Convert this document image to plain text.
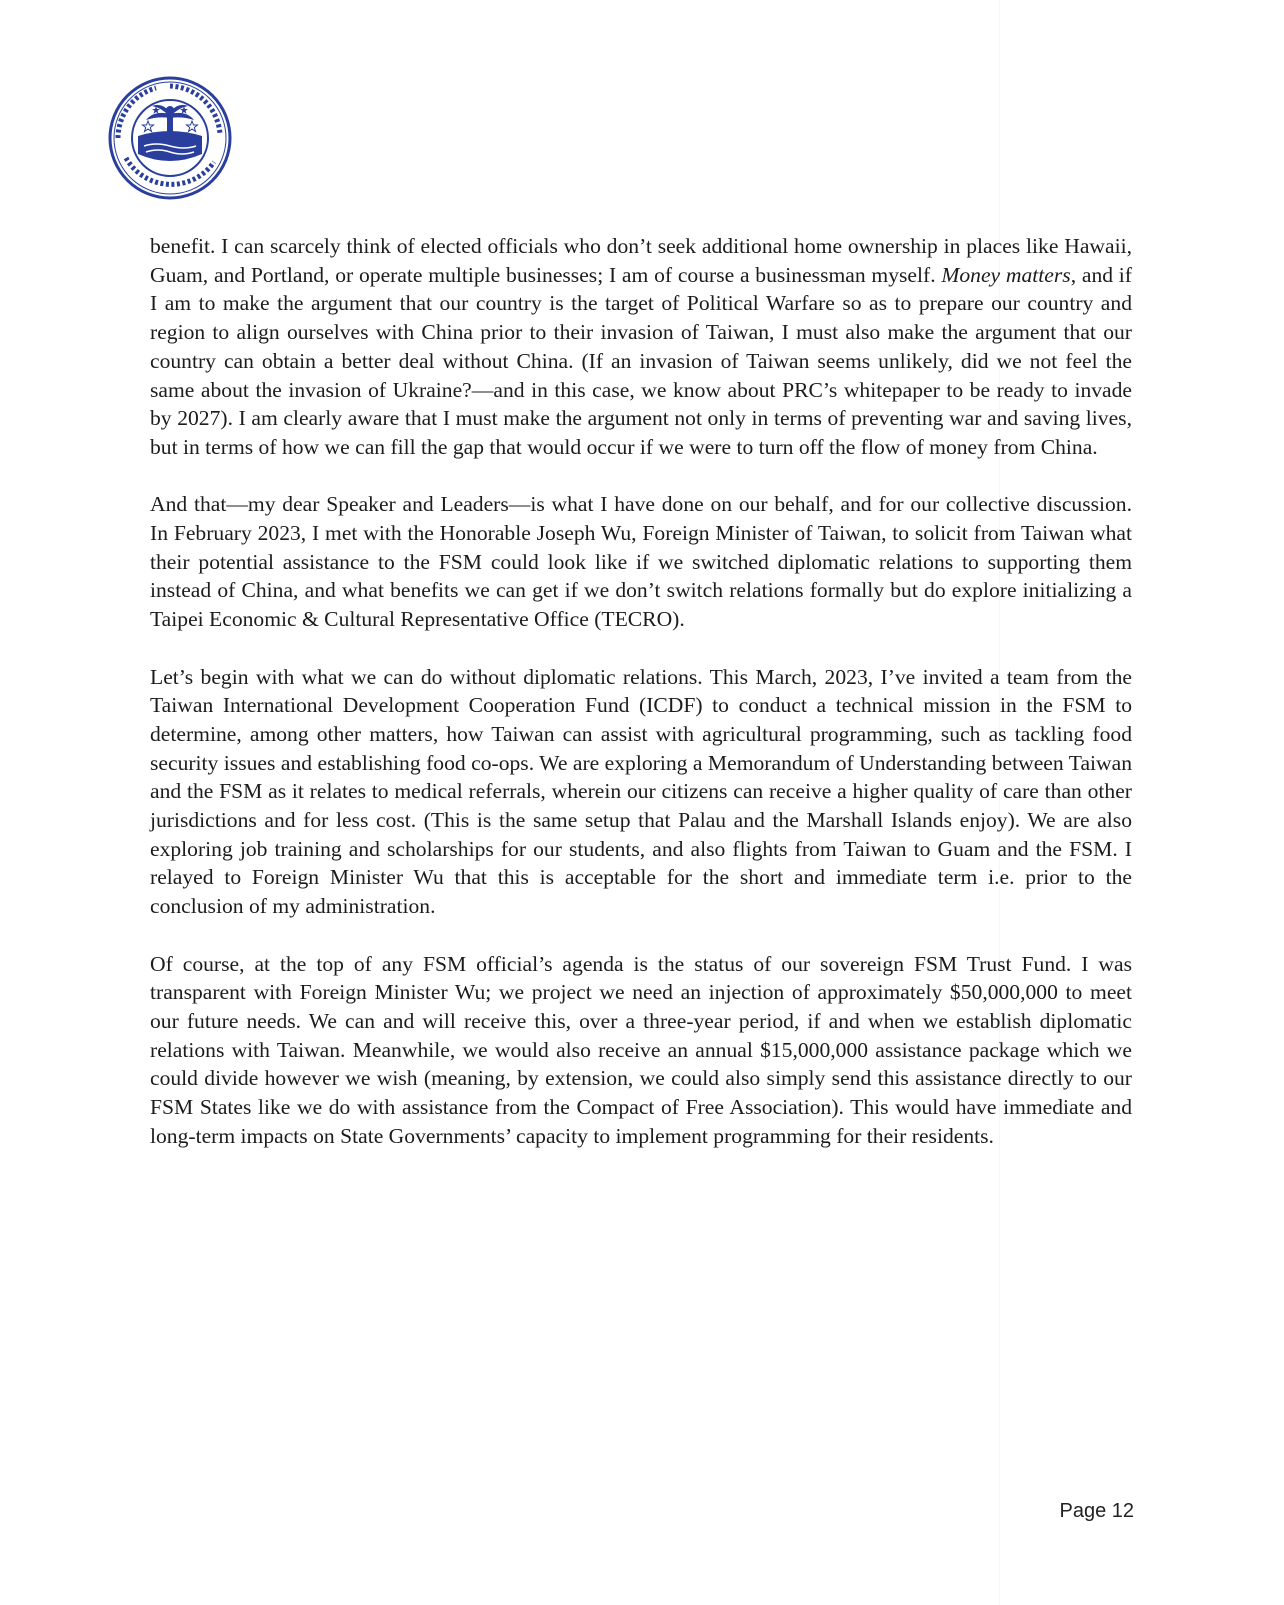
benefit. I can scarcely think of elected officials who don’t seek additional home ownership in places like Hawaii, Guam, and Portland, or operate multiple businesses; I am of course a businessman myself. Money matters, and if I am to make the argument that our country is the target of Political Warfare so as to prepare our country and region to align ourselves with China prior to their invasion of Taiwan, I must also make the argument that our country can obtain a better deal without China. (If an invasion of Taiwan seems unlikely, did we not feel the same about the invasion of Ukraine?—and in this case, we know about PRC’s whitepaper to be ready to invade by 2027). I am clearly aware that I must make the argument not only in terms of preventing war and saving lives, but in terms of how we can fill the gap that would occur if we were to turn off the flow of money from China.

And that—my dear Speaker and Leaders—is what I have done on our behalf, and for our collective discussion. In February 2023, I met with the Honorable Joseph Wu, Foreign Minister of Taiwan, to solicit from Taiwan what their potential assistance to the FSM could look like if we switched diplomatic relations to supporting them instead of China, and what benefits we can get if we don’t switch relations formally but do explore initializing a Taipei Economic & Cultural Representative Office (TECRO).

Let’s begin with what we can do without diplomatic relations. This March, 2023, I’ve invited a team from the Taiwan International Development Cooperation Fund (ICDF) to conduct a technical mission in the FSM to determine, among other matters, how Taiwan can assist with agricultural programming, such as tackling food security issues and establishing food co-ops. We are exploring a Memorandum of Understanding between Taiwan and the FSM as it relates to medical referrals, wherein our citizens can receive a higher quality of care than other jurisdictions and for less cost. (This is the same setup that Palau and the Marshall Islands enjoy). We are also exploring job training and scholarships for our students, and also flights from Taiwan to Guam and the FSM. I relayed to Foreign Minister Wu that this is acceptable for the short and immediate term i.e. prior to the conclusion of my administration.

Of course, at the top of any FSM official’s agenda is the status of our sovereign FSM Trust Fund. I was transparent with Foreign Minister Wu; we project we need an injection of approximately $50,000,000 to meet our future needs. We can and will receive this, over a three-year period, if and when we establish diplomatic relations with Taiwan. Meanwhile, we would also receive an annual $15,000,000 assistance package which we could divide however we wish (meaning, by extension, we could also simply send this assistance directly to our FSM States like we do with assistance from the Compact of Free Association). This would have immediate and long-term impacts on State Governments’ capacity to implement programming for their residents.

Page 12
